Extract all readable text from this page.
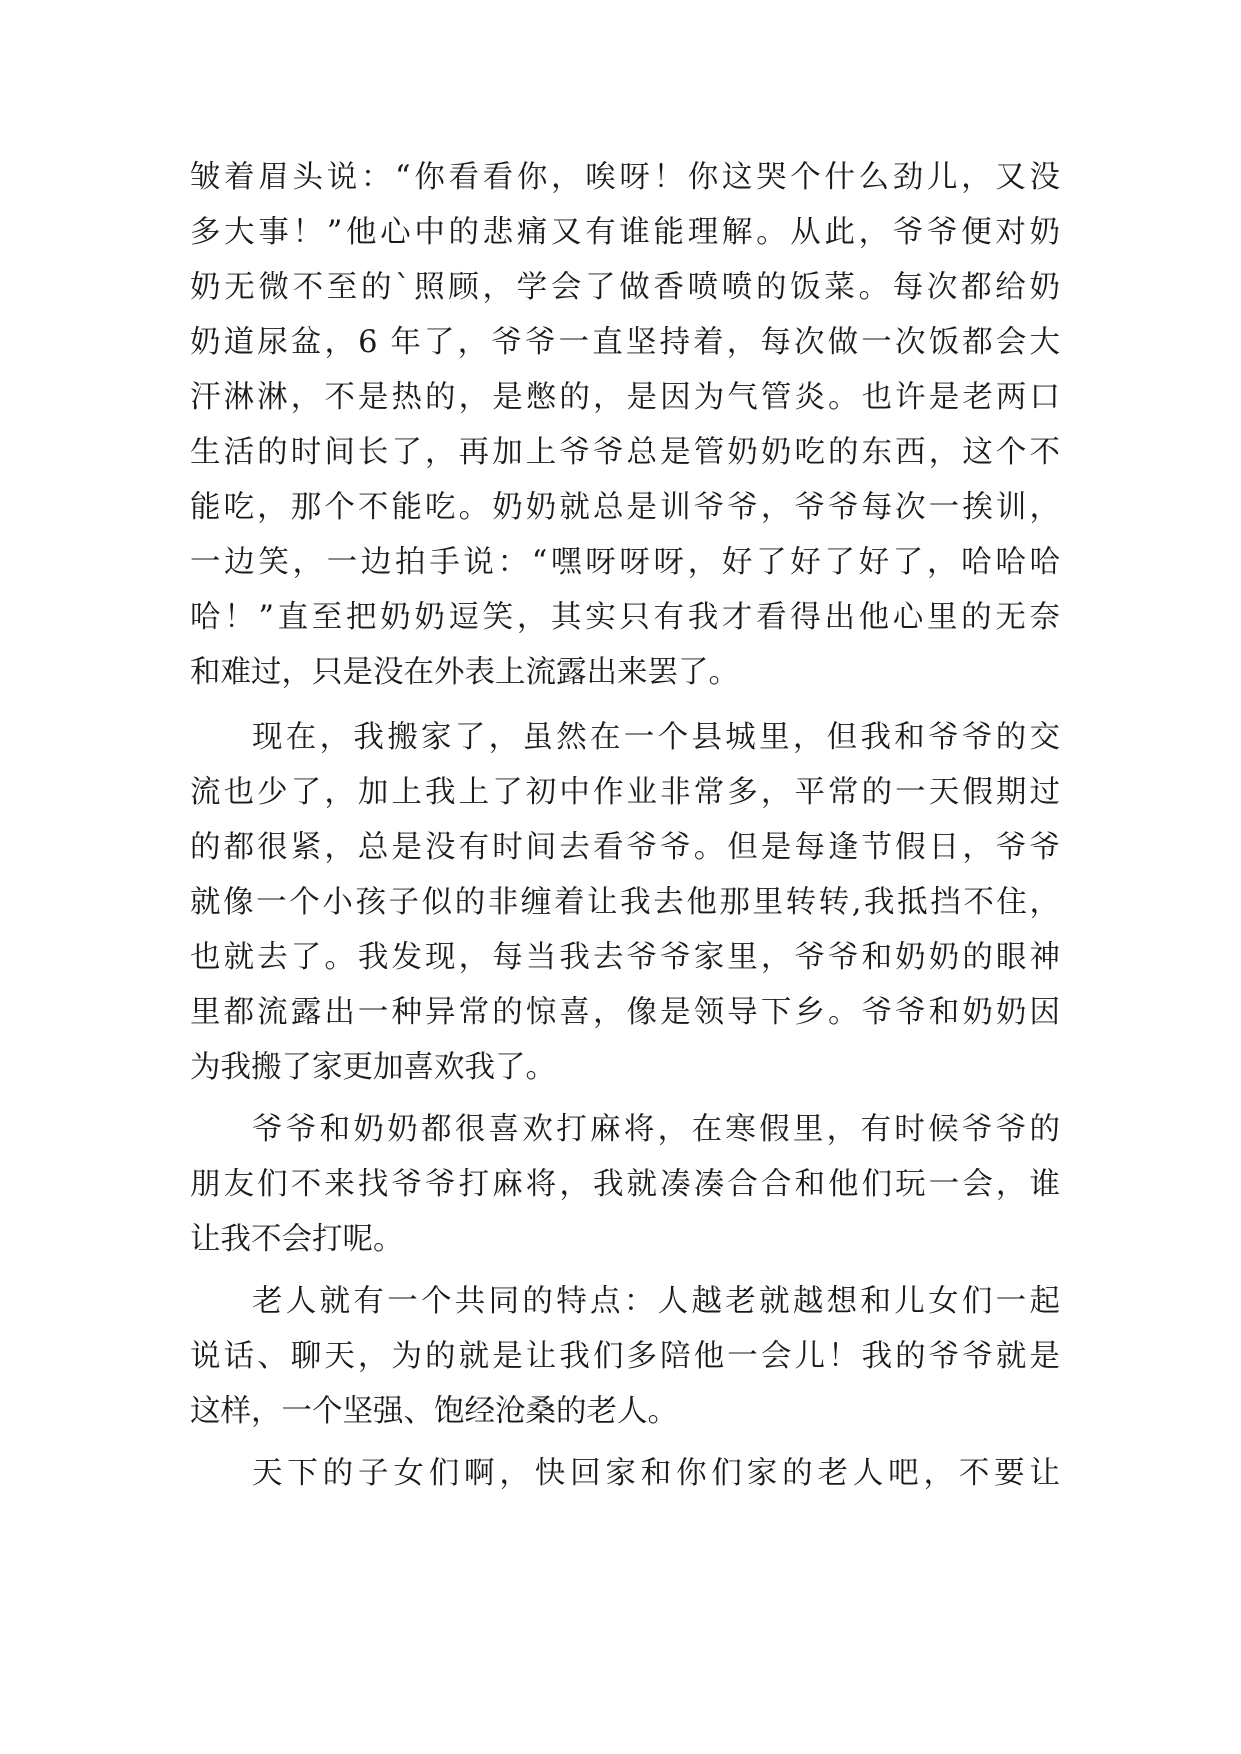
皱着眉头说：“你看看你，唉呀！你这哭个什么劲儿，又没
多大事！”他心中的悲痛又有谁能理解。从此，爷爷便对奶
奶无微不至的`照顾，学会了做香喷喷的饭菜。每次都给奶
奶道尿盆，6 年了，爷爷一直坚持着，每次做一次饭都会大
汗淋淋，不是热的，是憋的，是因为气管炎。也许是老两口
生活的时间长了，再加上爷爷总是管奶奶吃的东西，这个不
能吃，那个不能吃。奶奶就总是训爷爷，爷爷每次一挨训，
一边笑，一边拍手说：“嘿呀呀呀，好了好了好了，哈哈哈
哈！”直至把奶奶逗笑，其实只有我才看得出他心里的无奈
和难过，只是没在外表上流露出来罢了。
现在，我搬家了，虽然在一个县城里，但我和爷爷的交
流也少了，加上我上了初中作业非常多，平常的一天假期过
的都很紧，总是没有时间去看爷爷。但是每逢节假日，爷爷
就像一个小孩子似的非缠着让我去他那里转转,我抵挡不住，
也就去了。我发现，每当我去爷爷家里，爷爷和奶奶的眼神
里都流露出一种异常的惊喜，像是领导下乡。爷爷和奶奶因
为我搬了家更加喜欢我了。
爷爷和奶奶都很喜欢打麻将，在寒假里，有时候爷爷的
朋友们不来找爷爷打麻将，我就凑凑合合和他们玩一会，谁
让我不会打呢。
老人就有一个共同的特点：人越老就越想和儿女们一起
说话、聊天，为的就是让我们多陪他一会儿！我的爷爷就是
这样，一个坚强、饱经沧桑的老人。
天下的子女们啊，快回家和你们家的老人吧，不要让
